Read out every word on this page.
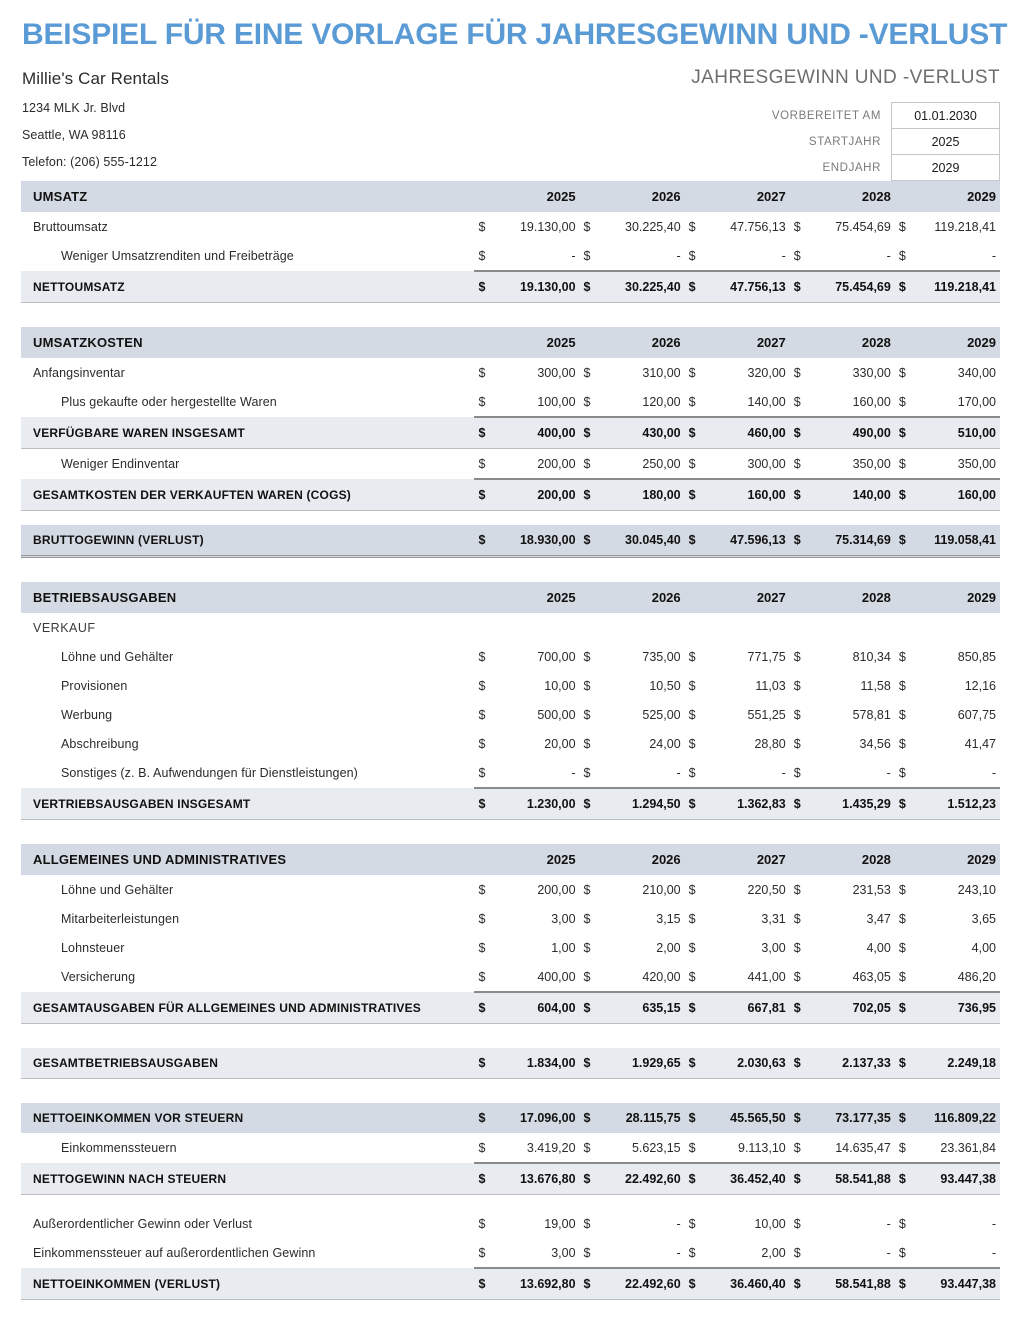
BEISPIEL FÜR EINE VORLAGE FÜR JAHRESGEWINN UND -VERLUST
Millie's Car Rentals
1234 MLK Jr. Blvd
Seattle, WA 98116
Telefon: (206) 555-1212
JAHRESGEWINN UND -VERLUST
VORBEREITET AM	01.01.2030
STARTJAHR	2025
ENDJAHR	2029
UMSATZ		2025		2026		2027		2028		2029
Bruttoumsatz	$	19.130,00	$	30.225,40	$	47.756,13	$	75.454,69	$	119.218,41
Weniger Umsatzrenditen und Freibeträge	$	-	$	-	$	-	$	-	$	-
NETTOUMSATZ	$	19.130,00	$	30.225,40	$	47.756,13	$	75.454,69	$	119.218,41

UMSATZKOSTEN		2025		2026		2027		2028		2029
Anfangsinventar	$	300,00	$	310,00	$	320,00	$	330,00	$	340,00
Plus gekaufte oder hergestellte Waren	$	100,00	$	120,00	$	140,00	$	160,00	$	170,00
VERFÜGBARE WAREN INSGESAMT	$	400,00	$	430,00	$	460,00	$	490,00	$	510,00
Weniger Endinventar	$	200,00	$	250,00	$	300,00	$	350,00	$	350,00
GESAMTKOSTEN DER VERKAUFTEN WAREN (COGS)	$	200,00	$	180,00	$	160,00	$	140,00	$	160,00

BRUTTOGEWINN (VERLUST)	$	18.930,00	$	30.045,40	$	47.596,13	$	75.314,69	$	119.058,41

BETRIEBSAUSGABEN		2025		2026		2027		2028		2029
VERKAUF										
Löhne und Gehälter	$	700,00	$	735,00	$	771,75	$	810,34	$	850,85
Provisionen	$	10,00	$	10,50	$	11,03	$	11,58	$	12,16
Werbung	$	500,00	$	525,00	$	551,25	$	578,81	$	607,75
Abschreibung	$	20,00	$	24,00	$	28,80	$	34,56	$	41,47
Sonstiges (z. B. Aufwendungen für Dienstleistungen)	$	-	$	-	$	-	$	-	$	-
VERTRIEBSAUSGABEN INSGESAMT	$	1.230,00	$	1.294,50	$	1.362,83	$	1.435,29	$	1.512,23

ALLGEMEINES UND ADMINISTRATIVES		2025		2026		2027		2028		2029
Löhne und Gehälter	$	200,00	$	210,00	$	220,50	$	231,53	$	243,10
Mitarbeiterleistungen	$	3,00	$	3,15	$	3,31	$	3,47	$	3,65
Lohnsteuer	$	1,00	$	2,00	$	3,00	$	4,00	$	4,00
Versicherung	$	400,00	$	420,00	$	441,00	$	463,05	$	486,20
GESAMTAUSGABEN FÜR ALLGEMEINES UND ADMINISTRATIVES	$	604,00	$	635,15	$	667,81	$	702,05	$	736,95

GESAMTBETRIEBSAUSGABEN	$	1.834,00	$	1.929,65	$	2.030,63	$	2.137,33	$	2.249,18

NETTOEINKOMMEN VOR STEUERN	$	17.096,00	$	28.115,75	$	45.565,50	$	73.177,35	$	116.809,22
Einkommenssteuern	$	3.419,20	$	5.623,15	$	9.113,10	$	14.635,47	$	23.361,84
NETTOGEWINN NACH STEUERN	$	13.676,80	$	22.492,60	$	36.452,40	$	58.541,88	$	93.447,38

Außerordentlicher Gewinn oder Verlust	$	19,00	$	-	$	10,00	$	-	$	-
Einkommenssteuer auf außerordentlichen Gewinn	$	3,00	$	-	$	2,00	$	-	$	-
NETTOEINKOMMEN (VERLUST)	$	13.692,80	$	22.492,60	$	36.460,40	$	58.541,88	$	93.447,38
